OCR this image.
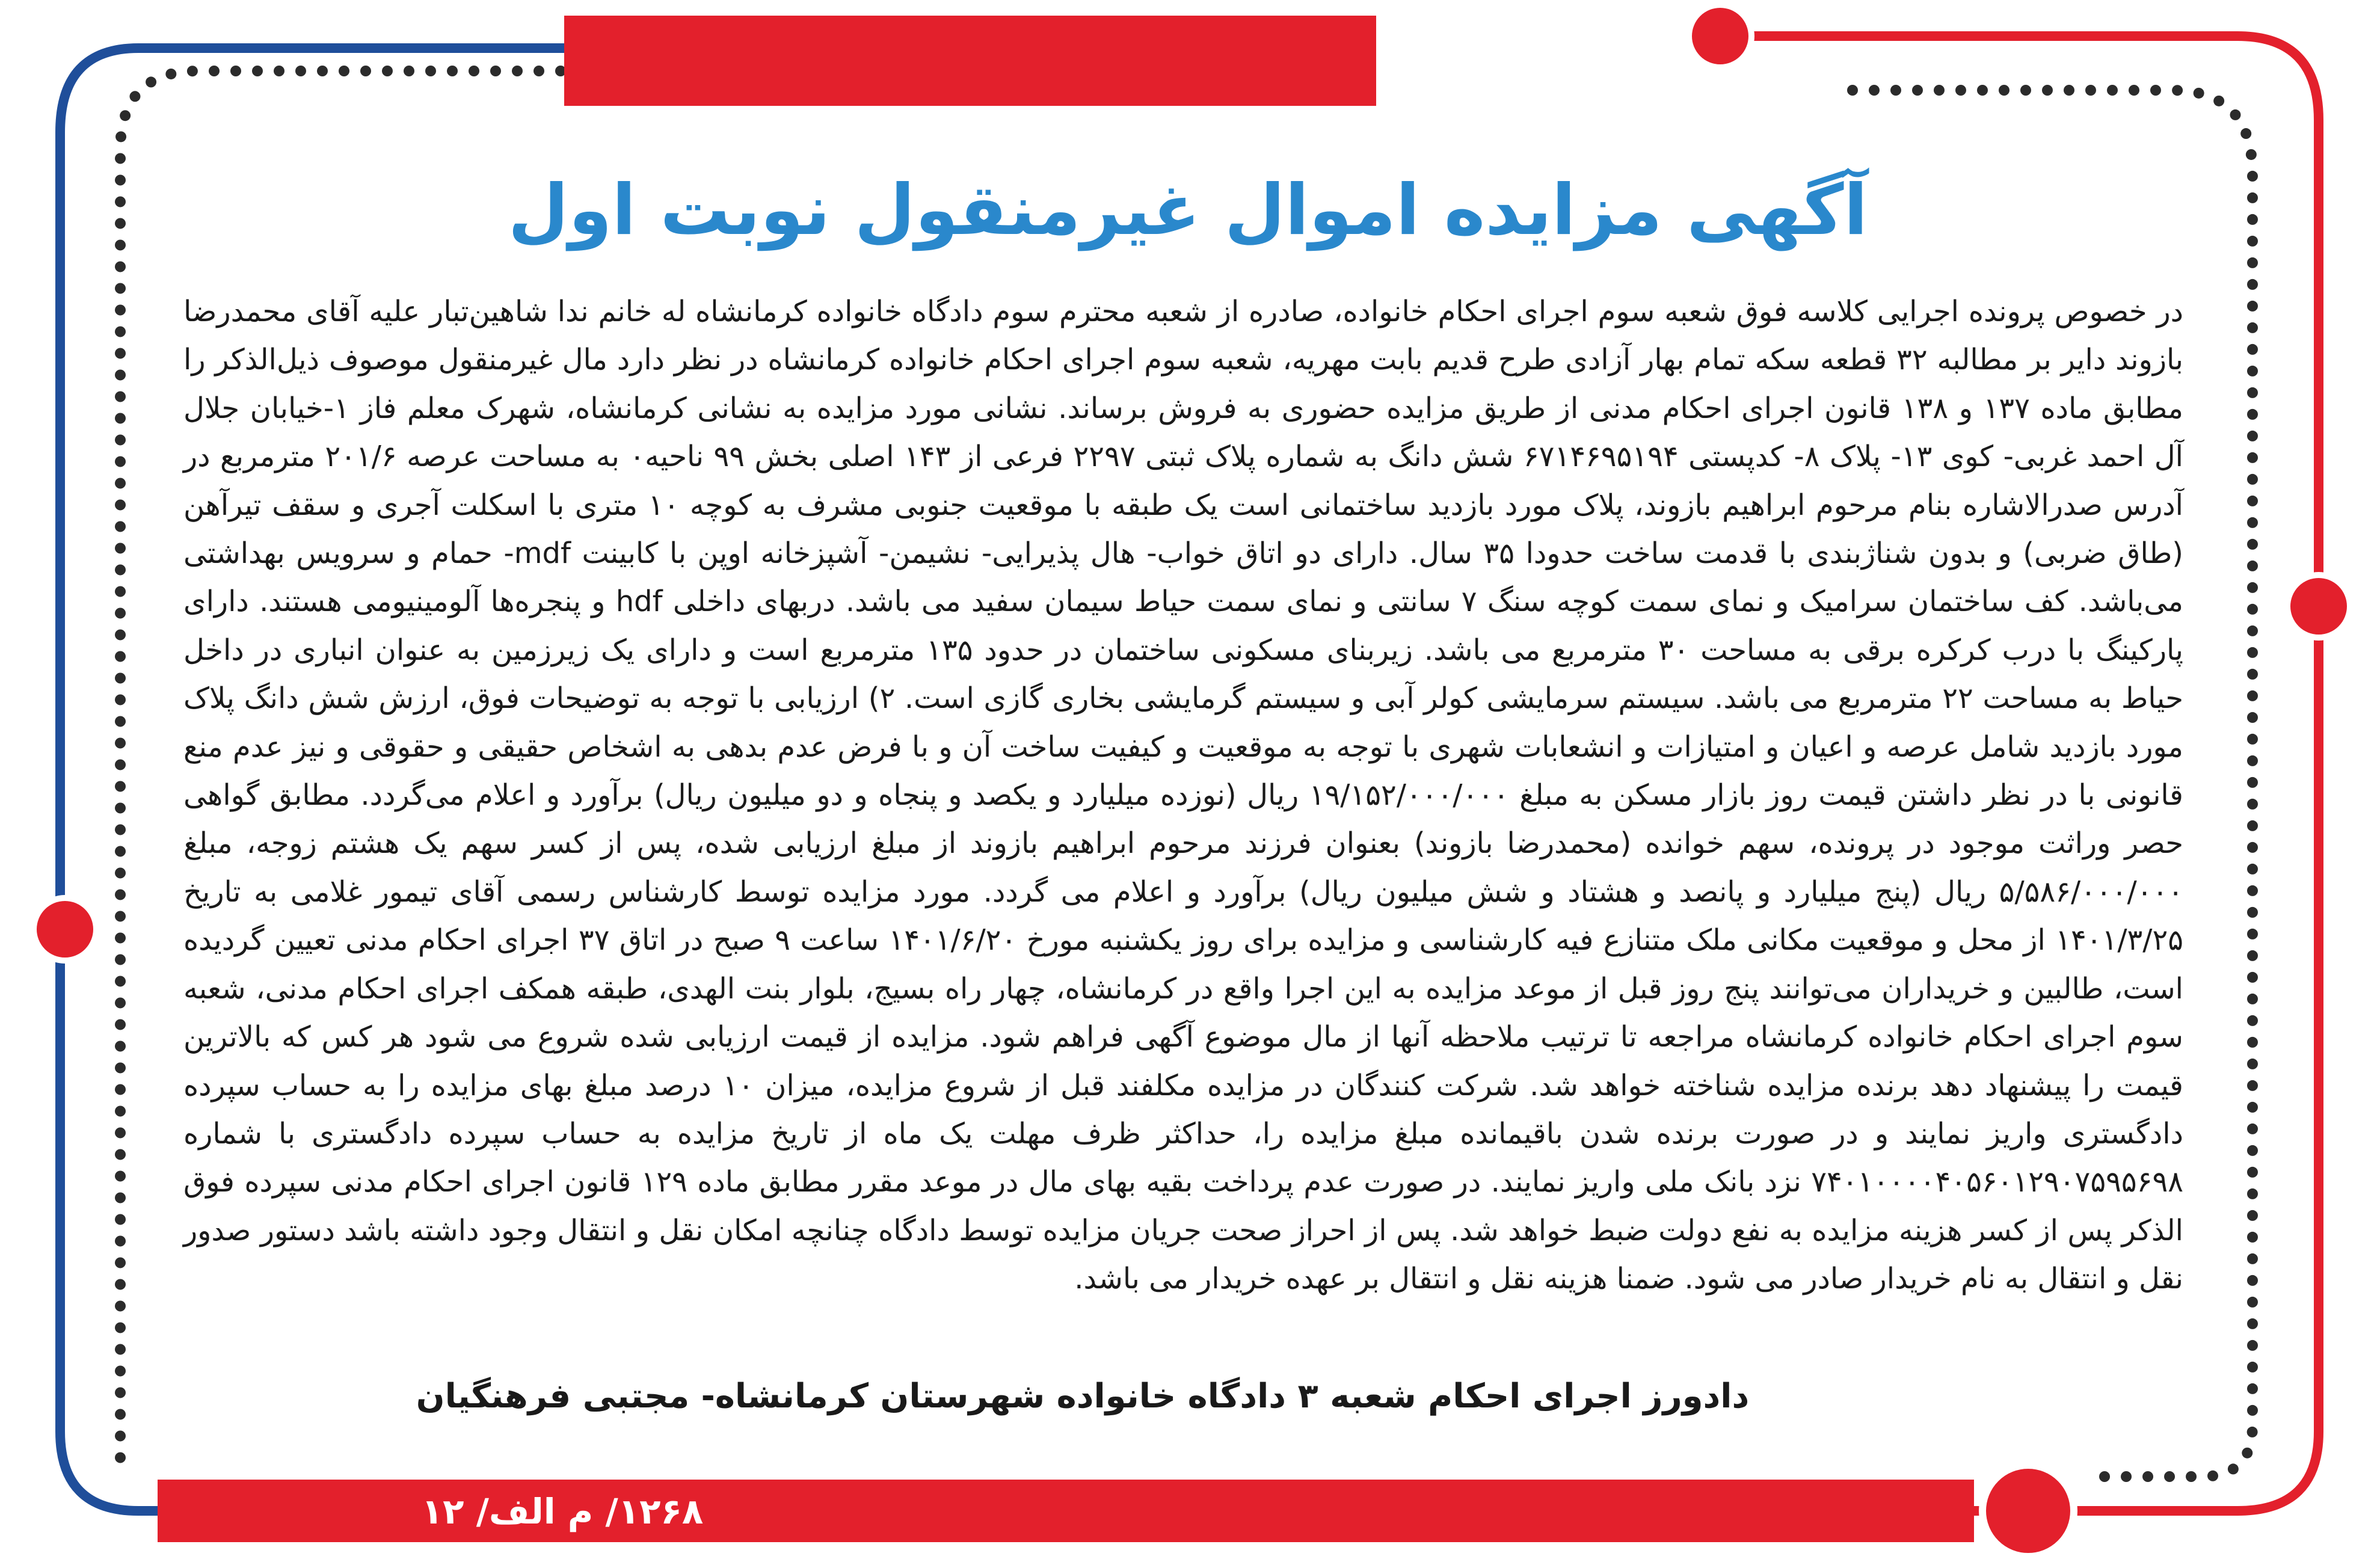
آگهی مزایده اموال غیرمنقول نوبت اول

در خصوص پرونده اجرایی کلاسه فوق شعبه سوم اجرای احکام خانواده، صادره از شعبه محترم سوم دادگاه خانواده کرمانشاه له خانم ندا شاهین‌تبار علیه آقای محمدرضا بازوند دایر بر مطالبه ۳۲ قطعه سکه تمام بهار آزادی طرح قدیم بابت مهریه، شعبه سوم اجرای احکام خانواده کرمانشاه در نظر دارد مال غیرمنقول موصوف ذیل‌الذکر را مطابق ماده ۱۳۷ و ۱۳۸ قانون اجرای احکام مدنی از طریق مزایده حضوری به فروش برساند. نشانی مورد مزایده به نشانی کرمانشاه، شهرک معلم فاز ۱-خیابان جلال آل احمد غربی- کوی ۱۳- پلاک ۸- کدپستی ۶۷۱۴۶۹۵۱۹۴ شش دانگ به شماره پلاک ثبتی ۲۲۹۷ فرعی از ۱۴۳ اصلی بخش ۹۹ ناحیه۰ به مساحت عرصه ۲۰۱/۶ مترمربع در آدرس صدرالاشاره بنام مرحوم ابراهیم بازوند، پلاک مورد بازدید ساختمانی است یک طبقه با موقعیت جنوبی مشرف به کوچه ۱۰ متری با اسکلت آجری و سقف تیرآهن (طاق ضربی) و بدون شناژبندی با قدمت ساخت حدودا ۳۵ سال. دارای دو اتاق خواب- هال پذیرایی- نشیمن- آشپزخانه اوپن با کابینت mdf- حمام و سرویس بهداشتی می‌باشد. کف ساختمان سرامیک و نمای سمت کوچه سنگ ۷ سانتی و نمای سمت حیاط سیمان سفید می باشد. دربهای داخلی hdf و پنجره‌ها آلومینیومی هستند. دارای پارکینگ با درب کرکره برقی به مساحت ۳۰ مترمربع می باشد. زیربنای مسکونی ساختمان در حدود ۱۳۵ مترمربع است و دارای یک زیرزمین به عنوان انباری در داخل حیاط به مساحت ۲۲ مترمربع می باشد. سیستم سرمایشی کولر آبی و سیستم گرمایشی بخاری گازی است. ۲) ارزیابی با توجه به توضیحات فوق، ارزش شش دانگ پلاک مورد بازدید شامل عرصه و اعیان و امتیازات و انشعابات شهری با توجه به موقعیت و کیفیت ساخت آن و با فرض عدم بدهی به اشخاص حقیقی و حقوقی و نیز عدم منع قانونی با در نظر داشتن قیمت روز بازار مسکن به مبلغ ۱۹/۱۵۲/۰۰۰/۰۰۰ ریال (نوزده میلیارد و یکصد و پنجاه و دو میلیون ریال) برآورد و اعلام می‌گردد. مطابق گواهی حصر وراثت موجود در پرونده، سهم خوانده (محمدرضا بازوند) بعنوان فرزند مرحوم ابراهیم بازوند از مبلغ ارزیابی شده، پس از کسر سهم یک هشتم زوجه، مبلغ ۵/۵۸۶/۰۰۰/۰۰۰ ریال (پنج میلیارد و پانصد و هشتاد و شش میلیون ریال) برآورد و اعلام می گردد. مورد مزایده توسط کارشناس رسمی آقای تیمور غلامی به تاریخ ۱۴۰۱/۳/۲۵ از محل و موقعیت مکانی ملک متنازع فیه کارشناسی و مزایده برای روز یکشنبه مورخ ۱۴۰۱/۶/۲۰ ساعت ۹ صبح در اتاق ۳۷ اجرای احکام مدنی تعیین گردیده است، طالبین و خریداران می‌توانند پنج روز قبل از موعد مزایده به این اجرا واقع در کرمانشاه، چهار راه بسیج، بلوار بنت الهدی، طبقه همکف اجرای احکام مدنی، شعبه سوم اجرای احکام خانواده کرمانشاه مراجعه تا ترتیب ملاحظه آنها از مال موضوع آگهی فراهم شود. مزایده از قیمت ارزیابی شده شروع می شود هر کس که بالاترین قیمت را پیشنهاد دهد برنده مزایده شناخته خواهد شد. شرکت کنندگان در مزایده مکلفند قبل از شروع مزایده، میزان ۱۰ درصد مبلغ بهای مزایده را به حساب سپرده دادگستری واریز نمایند و در صورت برنده شدن باقیمانده مبلغ مزایده را، حداکثر ظرف مهلت یک ماه از تاریخ مزایده به حساب سپرده دادگستری با شماره ۷۴۰۱۰۰۰۰۴۰۵۶۰۱۲۹۰۷۵۹۵۶۹۸ نزد بانک ملی واریز نمایند. در صورت عدم پرداخت بقیه بهای مال در موعد مقرر مطابق ماده ۱۲۹ قانون اجرای احکام مدنی سپرده فوق الذکر پس از کسر هزینه مزایده به نفع دولت ضبط خواهد شد. پس از احراز صحت جریان مزایده توسط دادگاه چنانچه امکان نقل و انتقال وجود داشته باشد دستور صدور نقل و انتقال به نام خریدار صادر می شود. ضمنا هزینه نقل و انتقال بر عهده خریدار می باشد.

دادورز اجرای احکام شعبه ۳ دادگاه خانواده شهرستان کرمانشاه- مجتبی فرهنگیان

۱۲۶۸/ م الف/ ۱۲
